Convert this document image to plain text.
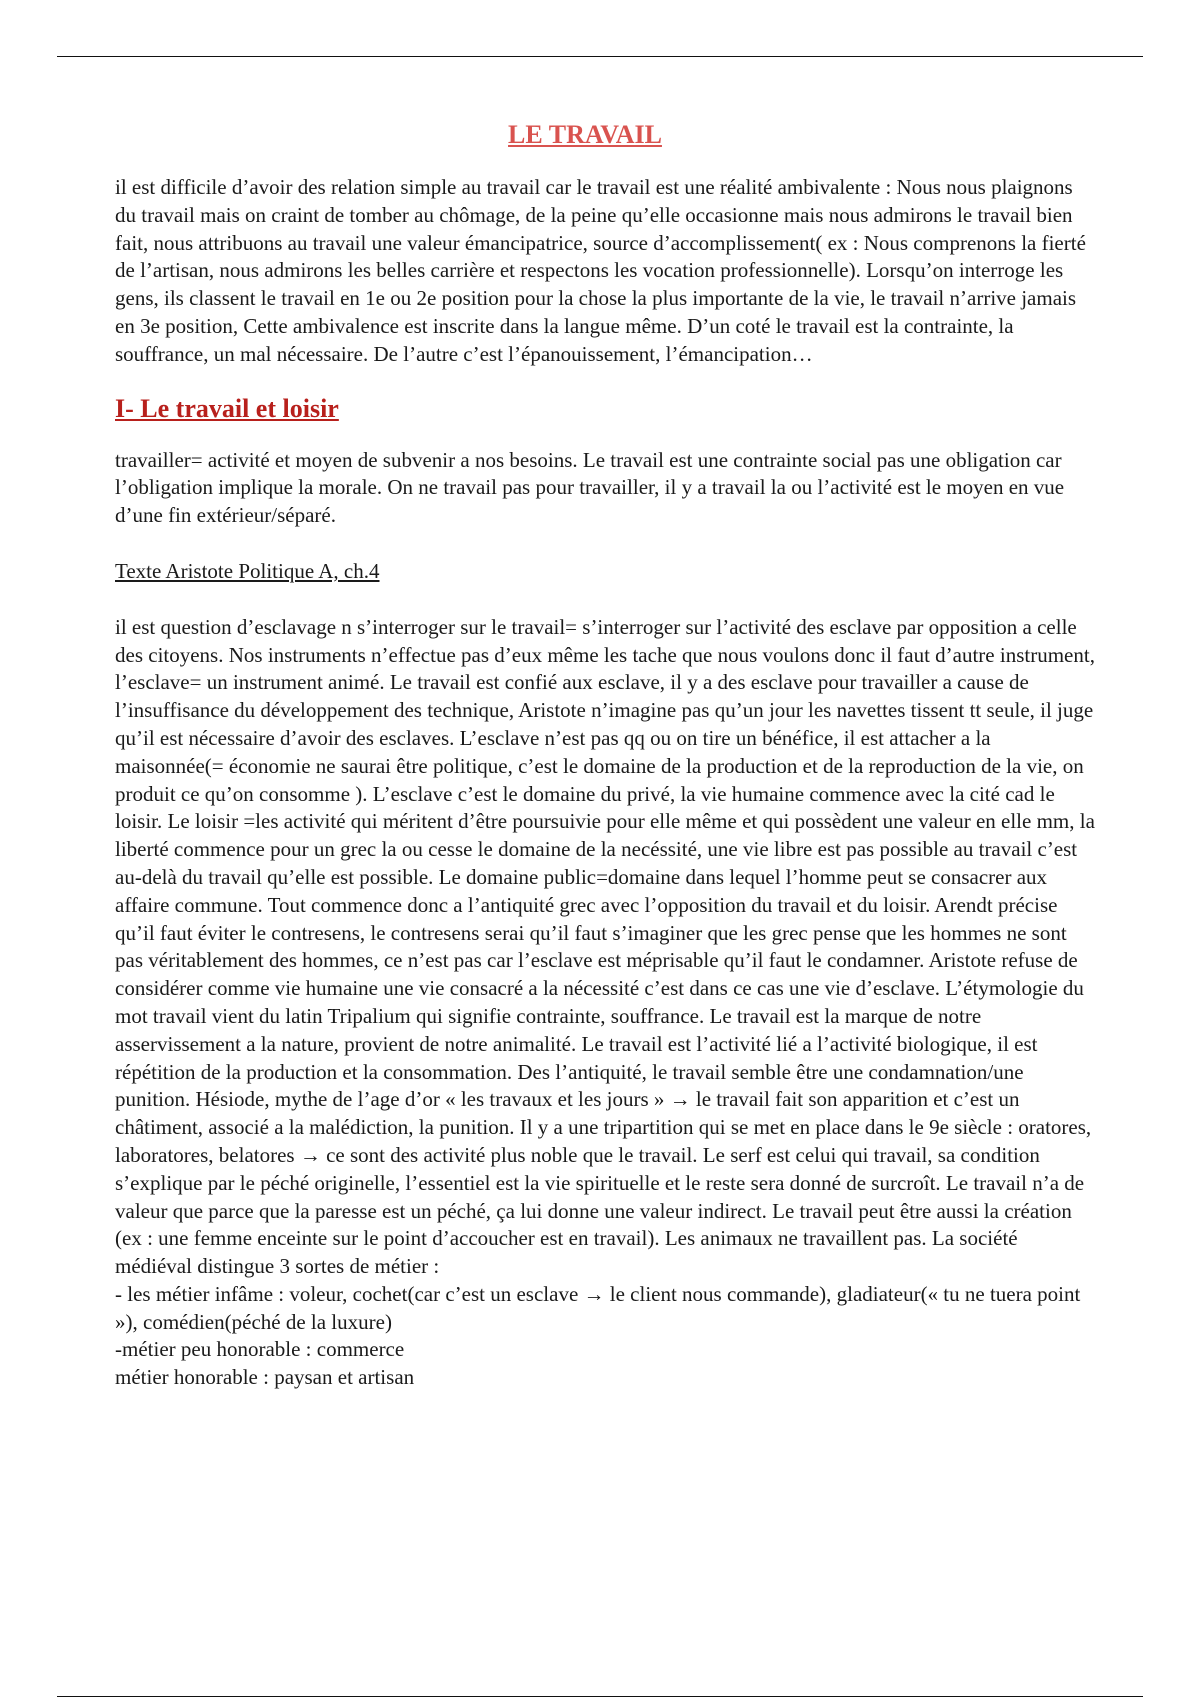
LE TRAVAIL

il est difficile d’avoir des relation simple au travail car le travail est une réalité ambivalente : Nous nous plaignons du travail mais on craint de tomber au chômage, de la peine qu’elle occasionne mais nous admirons le travail bien fait, nous attribuons au travail une valeur émancipatrice, source d’accomplissement( ex : Nous comprenons la fierté de l’artisan, nous admirons les belles carrière et respectons les vocation professionnelle). Lorsqu’on interroge les gens, ils classent le travail en 1e ou 2e position pour la chose la plus importante de la vie, le travail n’arrive jamais en 3e position, Cette ambivalence est inscrite dans la langue même. D’un coté le travail est la contrainte, la souffrance, un mal nécessaire. De l’autre c’est l’épanouissement, l’émancipation…

I- Le travail et loisir

travailler= activité et moyen de subvenir a nos besoins. Le travail est une contrainte social pas une obligation car l’obligation implique la morale. On ne travail pas pour travailler, il y a travail la ou l’activité est le moyen en vue d’une fin extérieur/séparé.

Texte Aristote Politique A, ch.4

il est question d’esclavage n s’interroger sur le travail= s’interroger sur l’activité des esclave par opposition a celle des citoyens. Nos instruments n’effectue pas d’eux même les tache que nous voulons donc il faut d’autre instrument, l’esclave= un instrument animé. Le travail est confié aux esclave, il y a des esclave pour travailler a cause de l’insuffisance du développement des technique, Aristote n’imagine pas qu’un jour les navettes tissent tt seule, il juge qu’il est nécessaire d’avoir des esclaves. L’esclave n’est pas qq ou on tire un bénéfice, il est attacher a la maisonnée(= économie ne saurai être politique, c’est le domaine de la production et de la reproduction de la vie, on produit ce qu’on consomme ). L’esclave c’est le domaine du privé, la vie humaine commence avec la cité cad le loisir. Le loisir =les activité qui méritent d’être poursuivie pour elle même et qui possèdent une valeur en elle mm, la liberté commence pour un grec la ou cesse le domaine de la necéssité, une vie libre est pas possible au travail c’est au-delà du travail qu’elle est possible. Le domaine public=domaine dans lequel l’homme peut se consacrer aux affaire commune. Tout commence donc a l’antiquité grec avec l’opposition du travail et du loisir. Arendt précise qu’il faut éviter le contresens, le contresens serai qu’il faut s’imaginer que les grec pense que les hommes ne sont pas véritablement des hommes, ce n’est pas car l’esclave est méprisable qu’il faut le condamner. Aristote refuse de considérer comme vie humaine une vie consacré a la nécessité c’est dans ce cas une vie d’esclave. L’étymologie du mot travail vient du latin Tripalium qui signifie contrainte, souffrance. Le travail est la marque de notre asservissement a la nature, provient de notre animalité. Le travail est l’activité lié a l’activité biologique, il est répétition de la production et la consommation. Des l’antiquité, le travail semble être une condamnation/une punition. Hésiode, mythe de l’age d’or « les travaux et les jours » → le travail fait son apparition et c’est un châtiment, associé a la malédiction, la punition. Il y a une tripartition qui se met en place dans le 9e siècle : oratores, laboratores, belatores → ce sont des activité plus noble que le travail. Le serf est celui qui travail, sa condition s’explique par le péché originelle, l’essentiel est la vie spirituelle et le reste sera donné de surcroît. Le travail n’a de valeur que parce que la paresse est un péché, ça lui donne une valeur indirect. Le travail peut être aussi la création (ex : une femme enceinte sur le point d’accoucher est en travail). Les animaux ne travaillent pas. La société médiéval distingue 3 sortes de métier :

- les métier infâme : voleur, cochet(car c’est un esclave → le client nous commande), gladiateur(« tu ne tuera point »), comédien(péché de la luxure)
-métier peu honorable : commerce
métier honorable : paysan et artisan
